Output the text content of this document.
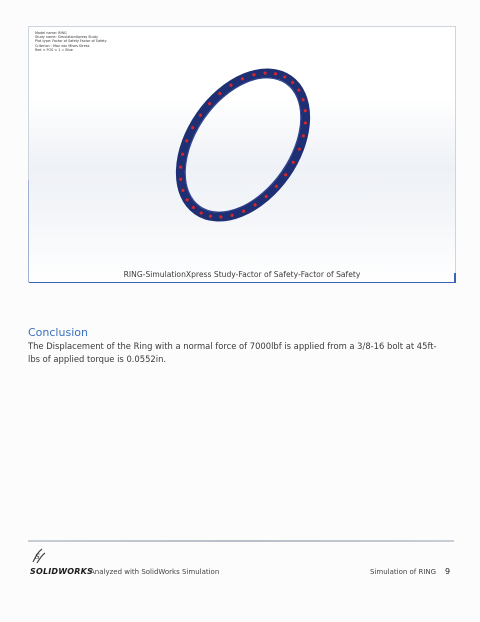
Model name: RING
Study name: SimulationXpress Study
Plot type: Factor of Safety Factor of Safety
Criterion : Max von Mises Stress
Red < FOS < 1 = Blue
RING-SimulationXpress Study-Factor of Safety-Factor of Safety
Conclusion
The Displacement of the Ring with a normal force of 7000lbf is applied from a 3/8-16 bolt at 45ft-lbs of applied torque is 0.0552in.
S
SOLIDWORKS
Analyzed with SolidWorks Simulation	Simulation of RING 9
